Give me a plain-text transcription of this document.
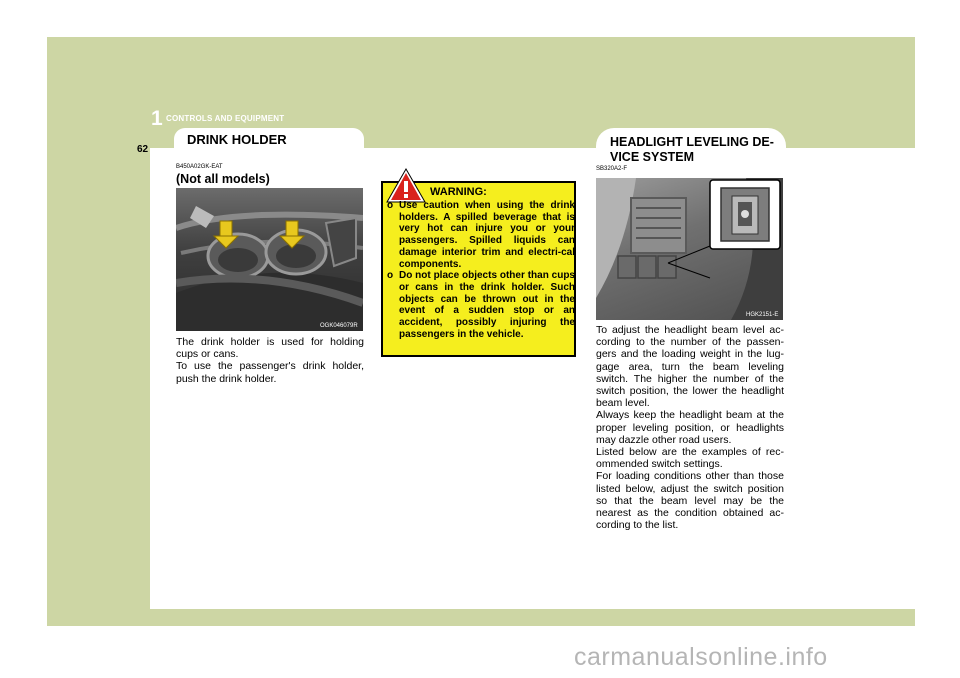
1 CONTROLS AND EQUIPMENT
62
DRINK HOLDER	HEADLIGHT LEVELING DE-VICE SYSTEM
B450A02GK-EAT
(Not all models)
OGK046079R

The drink holder is used for holding cups or cans.

To use the passenger's drink holder, push the drink holder.

WARNING:

o Use caution when using the drink holders. A spilled beverage that is very hot can injure you or your passengers. Spilled liquids can damage interior trim and electri-cal components.

o Do not place objects other than cups or cans in the drink holder. Such objects can be thrown out in the event of a sudden stop or an accident, possibly injuring the passengers in the vehicle.

SB320A2-F
HGK2151-E

To adjust the headlight beam level ac-cording to the number of the passen-gers and the loading weight in the lug-gage area, turn the beam leveling switch. The higher the number of the switch position, the lower the headlight beam level.

Always keep the headlight beam at the proper leveling position, or headlights may dazzle other road users.

Listed below are the examples of rec-ommended switch settings.

For loading conditions other than those listed below, adjust the switch position so that the beam level may be the nearest as the condition obtained ac-cording to the list.

carmanualsonline.info
